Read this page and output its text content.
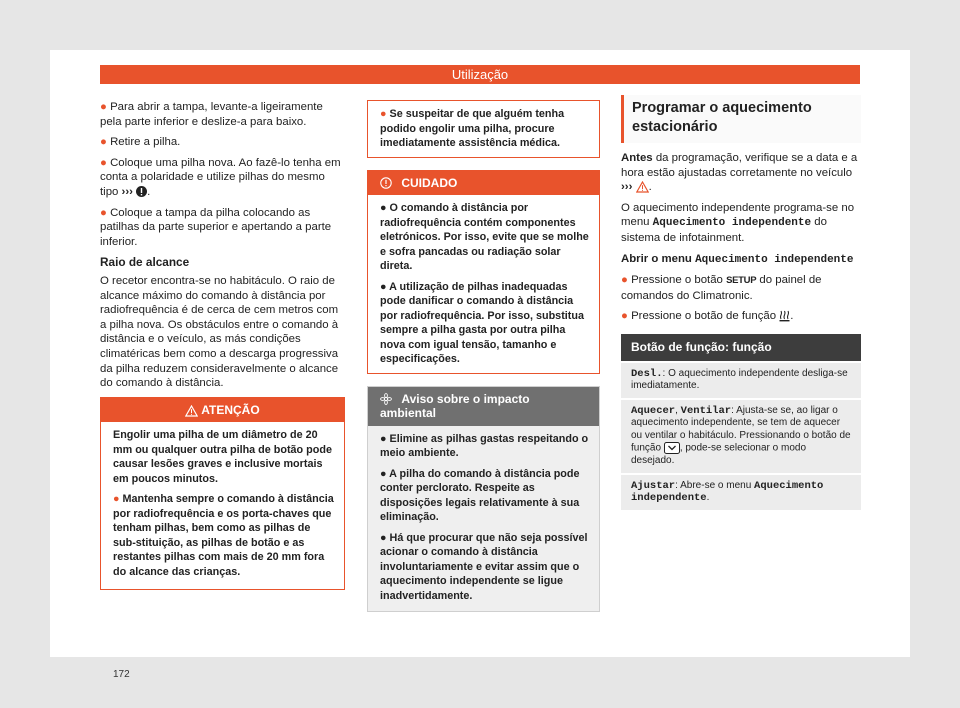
Utilização

● Para abrir a tampa, levante-a ligeiramente pela parte inferior e deslize-a para baixo.

● Retire a pilha.

● Coloque uma pilha nova. Ao fazê-lo tenha em conta a polaridade e utilize pilhas do mesmo tipo ››› .

● Coloque a tampa da pilha colocando as patilhas da parte superior e apertando a parte inferior.

Raio de alcance

O recetor encontra-se no habitáculo. O raio de alcance máximo do comando à distância por radiofrequência é de cerca de cem metros com a pilha nova. Os obstáculos entre o comando à distância e o veículo, as más condições climatéricas bem como a descarga progressiva da pilha reduzem consideravelmente o alcance do comando à distância.

ATENÇÃO

Engolir uma pilha de um diâmetro de 20 mm ou qualquer outra pilha de botão pode causar lesões graves e inclusive mortais em poucos minutos.

● Mantenha sempre o comando à distância por radiofrequência e os porta-chaves que tenham pilhas, bem como as pilhas de sub-stituição, as pilhas de botão e as restantes pilhas com mais de 20 mm fora do alcance das crianças.

● Se suspeitar de que alguém tenha podido engolir uma pilha, procure imediatamente assistência médica.

CUIDADO

● O comando à distância por radiofrequência contém componentes eletrónicos. Por isso, evite que se molhe e sofra pancadas ou radiação solar direta.

● A utilização de pilhas inadequadas pode danificar o comando à distância por radiofrequência. Por isso, substitua sempre a pilha gasta por outra pilha nova com igual tensão, tamanho e especificações.

Aviso sobre o impacto ambiental

● Elimine as pilhas gastas respeitando o meio ambiente.

● A pilha do comando à distância pode conter perclorato. Respeite as disposições legais relativamente à sua eliminação.

● Há que procurar que não seja possível acionar o comando à distância involuntariamente e evitar assim que o aquecimento independente se ligue inadvertidamente.

Programar o aquecimento estacionário

Antes da programação, verifique se a data e a hora estão ajustadas corretamente no veículo ››› .

O aquecimento independente programa-se no menu Aquecimento independente do sistema de infotainment.

Abrir o menu Aquecimento independente

● Pressione o botão SETUP do painel de comandos do Climatronic.

● Pressione o botão de função .

Botão de função: função
Desl.: O aquecimento independente desliga-se imediatamente.
Aquecer, Ventilar: Ajusta-se se, ao ligar o aquecimento independente, se tem de aquecer ou ventilar o habitáculo. Pressionando o botão de função , pode-se selecionar o modo desejado.
Ajustar: Abre-se o menu Aquecimento independente.
172
